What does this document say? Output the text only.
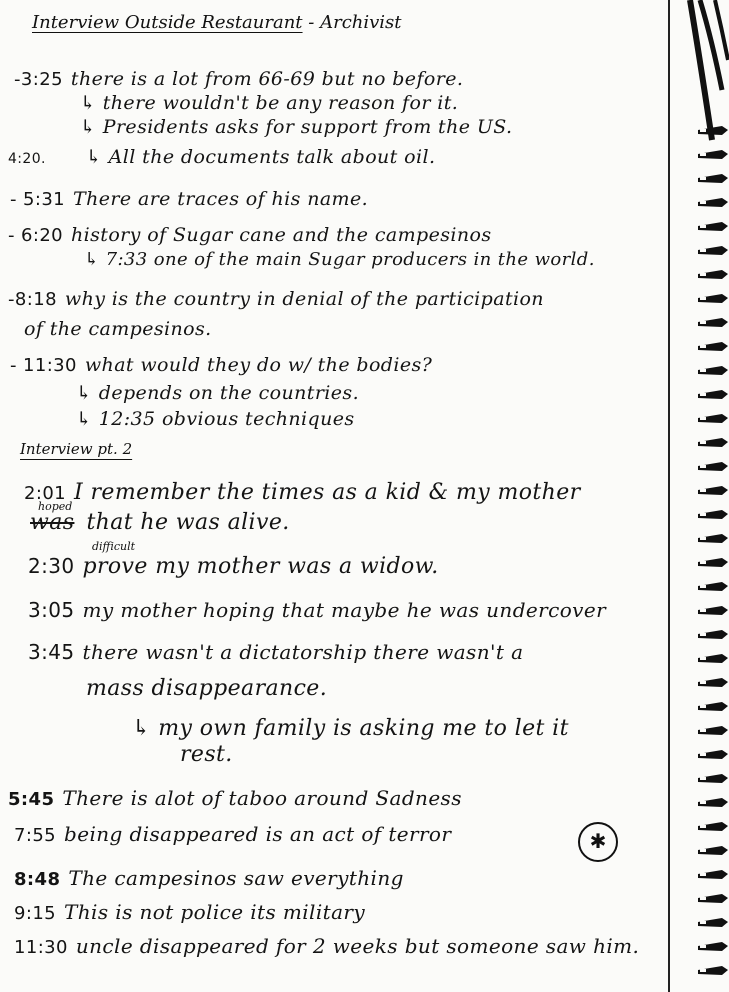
Interview Outside Restaurant - Archivist
-3:25 there is a lot from 66-69 but no before.
↳ there wouldn't be any reason for it.
↳ Presidents asks for support from the US.
4:20. ↳ All the documents talk about oil.
- 5:31 There are traces of his name.
- 6:20 history of Sugar cane and the campesinos
↳ 7:33 one of the main Sugar producers in the world.
-8:18 why is the country in denial of the participation
of the campesinos.
- 11:30 what would they do w/ the bodies?
↳ depends on the countries.
↳ 12:35 obvious techniques
Interview pt. 2
hoped
2:01 I remember the times as a kid & my mother
was that he was alive.
difficult
2:30 prove my mother was a widow.
3:05 my mother hoping that maybe he was undercover
3:45 there wasn't a dictatorship there wasn't a
mass disappearance.
↳ my own family is asking me to let it
rest.
5:45 There is alot of taboo around Sadness
7:55 being disappeared is an act of terror	✱
8:48 The campesinos saw everything
9:15 This is not police its military
11:30 uncle disappeared for 2 weeks but someone saw him.
